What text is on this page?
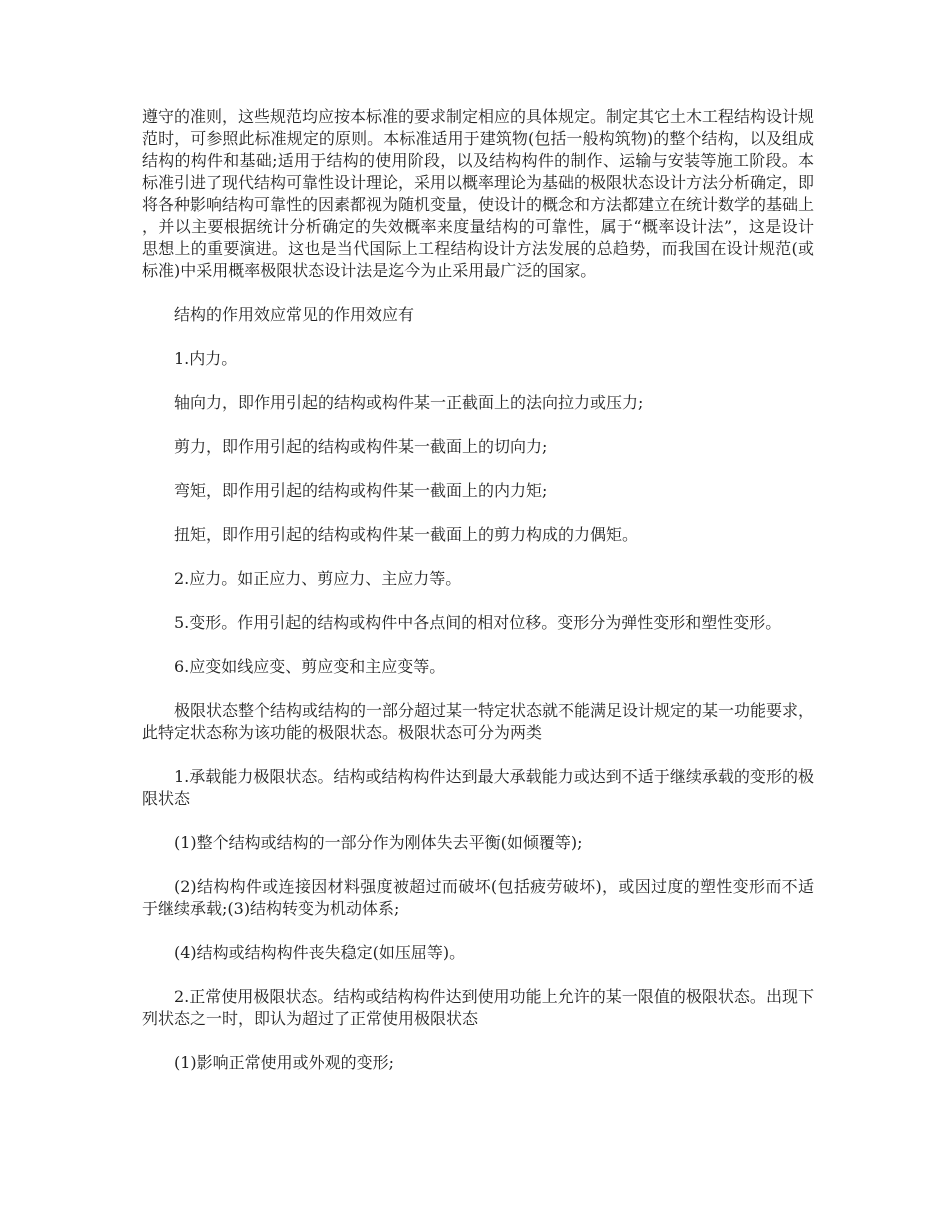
遵守的准则，这些规范均应按本标准的要求制定相应的具体规定。制定其它土木工程结构设计规范时，可参照此标准规定的原则。本标准适用于建筑物(包括一般构筑物)的整个结构，以及组成结构的构件和基础;适用于结构的使用阶段，以及结构构件的制作、运输与安装等施工阶段。本标准引进了现代结构可靠性设计理论，采用以概率理论为基础的极限状态设计方法分析确定，即将各种影响结构可靠性的因素都视为随机变量，使设计的概念和方法都建立在统计数学的基础上，并以主要根据统计分析确定的失效概率来度量结构的可靠性，属于“概率设计法”，这是设计思想上的重要演进。这也是当代国际上工程结构设计方法发展的总趋势，而我国在设计规范(或标准)中采用概率极限状态设计法是迄今为止采用最广泛的国家。

结构的作用效应常见的作用效应有

1.内力。

轴向力，即作用引起的结构或构件某一正截面上的法向拉力或压力;

剪力，即作用引起的结构或构件某一截面上的切向力;

弯矩，即作用引起的结构或构件某一截面上的内力矩;

扭矩，即作用引起的结构或构件某一截面上的剪力构成的力偶矩。

2.应力。如正应力、剪应力、主应力等。

5.变形。作用引起的结构或构件中各点间的相对位移。变形分为弹性变形和塑性变形。

6.应变如线应变、剪应变和主应变等。

极限状态整个结构或结构的一部分超过某一特定状态就不能满足设计规定的某一功能要求，此特定状态称为该功能的极限状态。极限状态可分为两类

1.承载能力极限状态。结构或结构构件达到最大承载能力或达到不适于继续承载的变形的极限状态

(1)整个结构或结构的一部分作为刚体失去平衡(如倾覆等);

(2)结构构件或连接因材料强度被超过而破坏(包括疲劳破坏)，或因过度的塑性变形而不适于继续承载;(3)结构转变为机动体系;

(4)结构或结构构件丧失稳定(如压屈等)。

2.正常使用极限状态。结构或结构构件达到使用功能上允许的某一限值的极限状态。出现下列状态之一时，即认为超过了正常使用极限状态

(1)影响正常使用或外观的变形;
